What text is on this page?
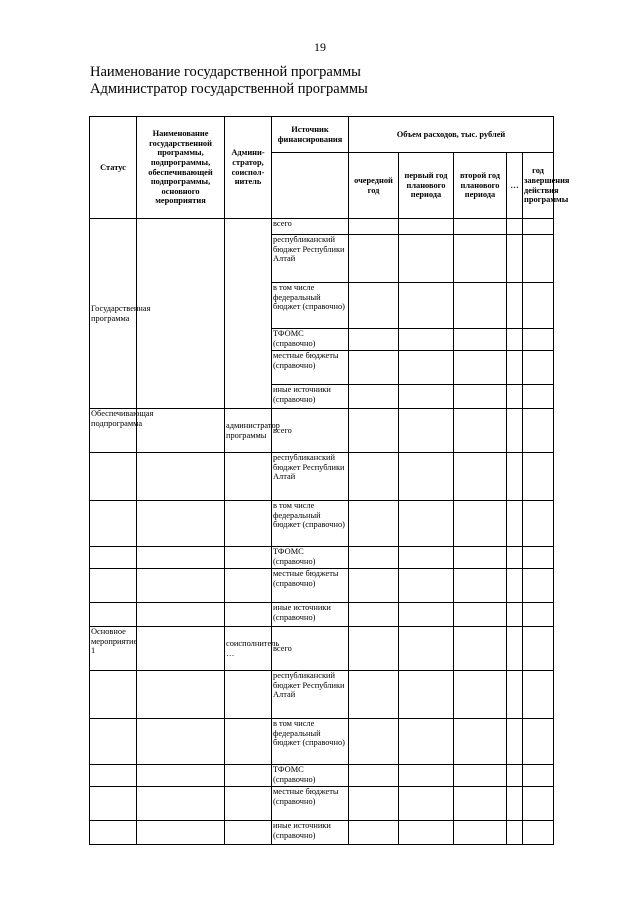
19
Наименование государственной программы
Администратор государственной программы
Статус	Наименование государственной программы, подпрограммы, обеспечивающей подпрограммы, основного мероприятия	Админи-стратор, соиспол-нитель	Источник финансирования	Объем расходов, тыс. рублей				
				очередной год	первый год планового периода	второй год планового периода	…	год завершения действия программы
Государственная программа			всего					
			республиканский бюджет Республики Алтай					
			в том числе федеральный бюджет (справочно)					
			ТФОМС (справочно)					
			местные бюджеты (справочно)					
			иные источники (справочно)					
Обеспечивающая подпрограмма		администратор программы	всего					
			республиканский бюджет Республики Алтай					
			в том числе федеральный бюджет (справочно)					
			ТФОМС (справочно)					
			местные бюджеты (справочно)					
			иные источники (справочно)					
Основное мероприятие 1		соисполнитель …	всего					
			республиканский бюджет Республики Алтай					
			в том числе федеральный бюджет (справочно)					
			ТФОМС (справочно)					
			местные бюджеты (справочно)					
			иные источники (справочно)					
